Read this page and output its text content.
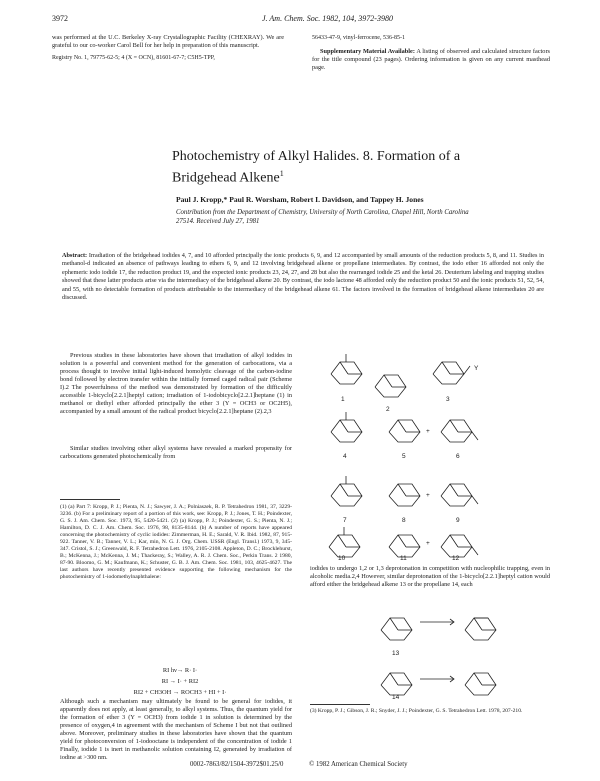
3972	J. Am. Chem. Soc. 1982, 104, 3972-3980
was performed at the U.C. Berkeley X-ray Crystallographic Facility (CHEXRAY). We are grateful to our co-worker Carol Bell for her help in preparation of this manuscript.

Registry No. 1, 79775-62-5; 4 (X = OCN), 81601-67-7; C5H5-TPP,
56433-47-9, vinyl-ferrocene, 536-85-1
Supplementary Material Available: A listing of observed and calculated structure factors for the title compound (23 pages). Ordering information is given on any current masthead page.
Photochemistry of Alkyl Halides. 8. Formation of a Bridgehead Alkene$^1$
Paul J. Kropp,* Paul R. Worsham, Robert I. Davidson, and Tappey H. Jones
Contribution from the Department of Chemistry, University of North Carolina, Chapel Hill, North Carolina 27514. Received July 27, 1981
Abstract: Irradiation of the bridgehead iodides 4, 7, and 10 afforded principally the ionic products 6, 9, and 12 accompanied by small amounts of the reduction products 5, 8, and 11. Studies in methanol-d indicated an absence of pathways leading to ethers 6, 9, and 12 involving bridgehead alkene or propellane intermediates. By contrast, the iodo ether 16 afforded not only the ephemeric iodo iodide 17, the reduction product 19, and the expected ionic products 23, 24, 27, and 28 but also the rearranged iodide 25 and the ketal 26. Deuterium labeling and trapping studies showed that these latter products arise via the intermediacy of the bridgehead alkene 20. By contrast, the iodo lactone 48 afforded only the reduction product 50 and the ionic products 51, 52, 54, and 55, with no detectable formation of products attributable to the intermediacy of the bridgehead alkene 61. The factors involved in the formation of bridgehead alkene intermediates 20 are discussed.
Previous studies in these laboratories have shown that irradiation of alkyl iodides in solution is a powerful and convenient method for the generation of carbocations, via a process thought to involve initial light-induced homolytic cleavage of the carbon-iodine bond followed by electron transfer within the initially formed caged radical pair (Scheme I).2 The powerfulness of the method was demonstrated by formation of the difficultly accessible 1-bicyclo[2.2.1]heptyl cation; irradiation of 1-iodobicyclo[2.2.1]heptane (1) in methanol or diethyl ether afforded principally the ether 3 (Y = OCH3 or OC2H5), accompanied by a small amount of the radical product bicyclo[2.2.1]heptane (2).2,3
Similar studies involving other alkyl systems have revealed a marked propensity for carbocations generated photochemically from
(1) (a) Part 7: Kropp, P. J.; Pienta, N. J.; Sawyer, J. A.; Polniaszek, R. P. Tetrahedron 1981, 37, 3229-3236. (b) For a preliminary report of a portion of this work, see: Kropp, P. J.; Jones, T. H.; Poindexter, G. S. J. Am. Chem. Soc. 1973, 95, 5420-5421. (2) (a) Kropp, P. J.; Poindexter, G. S.; Pienta, N. J.; Hamilton, D. C. J. Am. Chem. Soc. 1976, 98, 8135-8144. (b) A number of reports have appeared concerning the photochemistry of cyclic iodides: Zimmerman, H. E.; Sarald, V. R. Ibid. 1982, 87, 915-922. Tanner, V. B.; Tanner, V. L.; Kar, min, N. G. J. Org. Chem. USSR (Engl. Transl.) 1973, 9, 345-347. Cristol, S. J.; Greenwald, R. F. Tetrahedron Lett. 1976, 2105-2108. Appleton, D. C.; Brocklehurst, B.; McKenna, J.; McKenna, J. M.; Thackeray, S.; Walley, A. R. J. Chem. Soc., Perkin Trans. 2 1980, 87-90. Bloomo, G. M.; Kaufmann, K.; Schuster, G. B. J. Am. Chem. Soc. 1981, 103, 4625-4627. The last authors have recently presented evidence supporting the following mechanism for the photochemistry of 1-iodomethylnaphthalene:
RI hν→ R· I·
RI → I· + RI2
RI2 + CH3OH → ROCH3 + HI + I·
Although such a mechanism may ultimately be found to be general for iodides, it apparently does not apply, at least generally, to alkyl systems. Thus, the quantum yield for the formation of ether 3 (Y = OCH3) from iodide 1 in solution is determined by the presence of oxygen,4 in agreement with the mechanism of Scheme I but not that outlined above. Moreover, preliminary studies in these laboratories have shown that the quantum yield for photoconversion of 1-iodooctane is independent of the concentration of iodide 1 Finally, iodide 1 is inert in methanolic solution containing I2, generated by irradiation of iodine at >300 nm.
iodides to undergo 1,2 or 1,3 deprotonation in competition with nucleophilic trapping, even in alcoholic media.2,4 However, similar deprotonation of the 1-bicyclo[2.2.1]heptyl cation would afford either the bridgehead alkene 13 or the propellane 14, each
(3) Kropp, P. J.; Gibson, J. R.; Snyder, J. J.; Poindexter, G. S. Tetrahedron Lett. 1978, 207-210.
1
2
3
Y
4	5	6
+
7	8	9
+
10	11	12
+
13
14
0002-7863/82/1504-3972$01.25/0	© 1982 American Chemical Society
